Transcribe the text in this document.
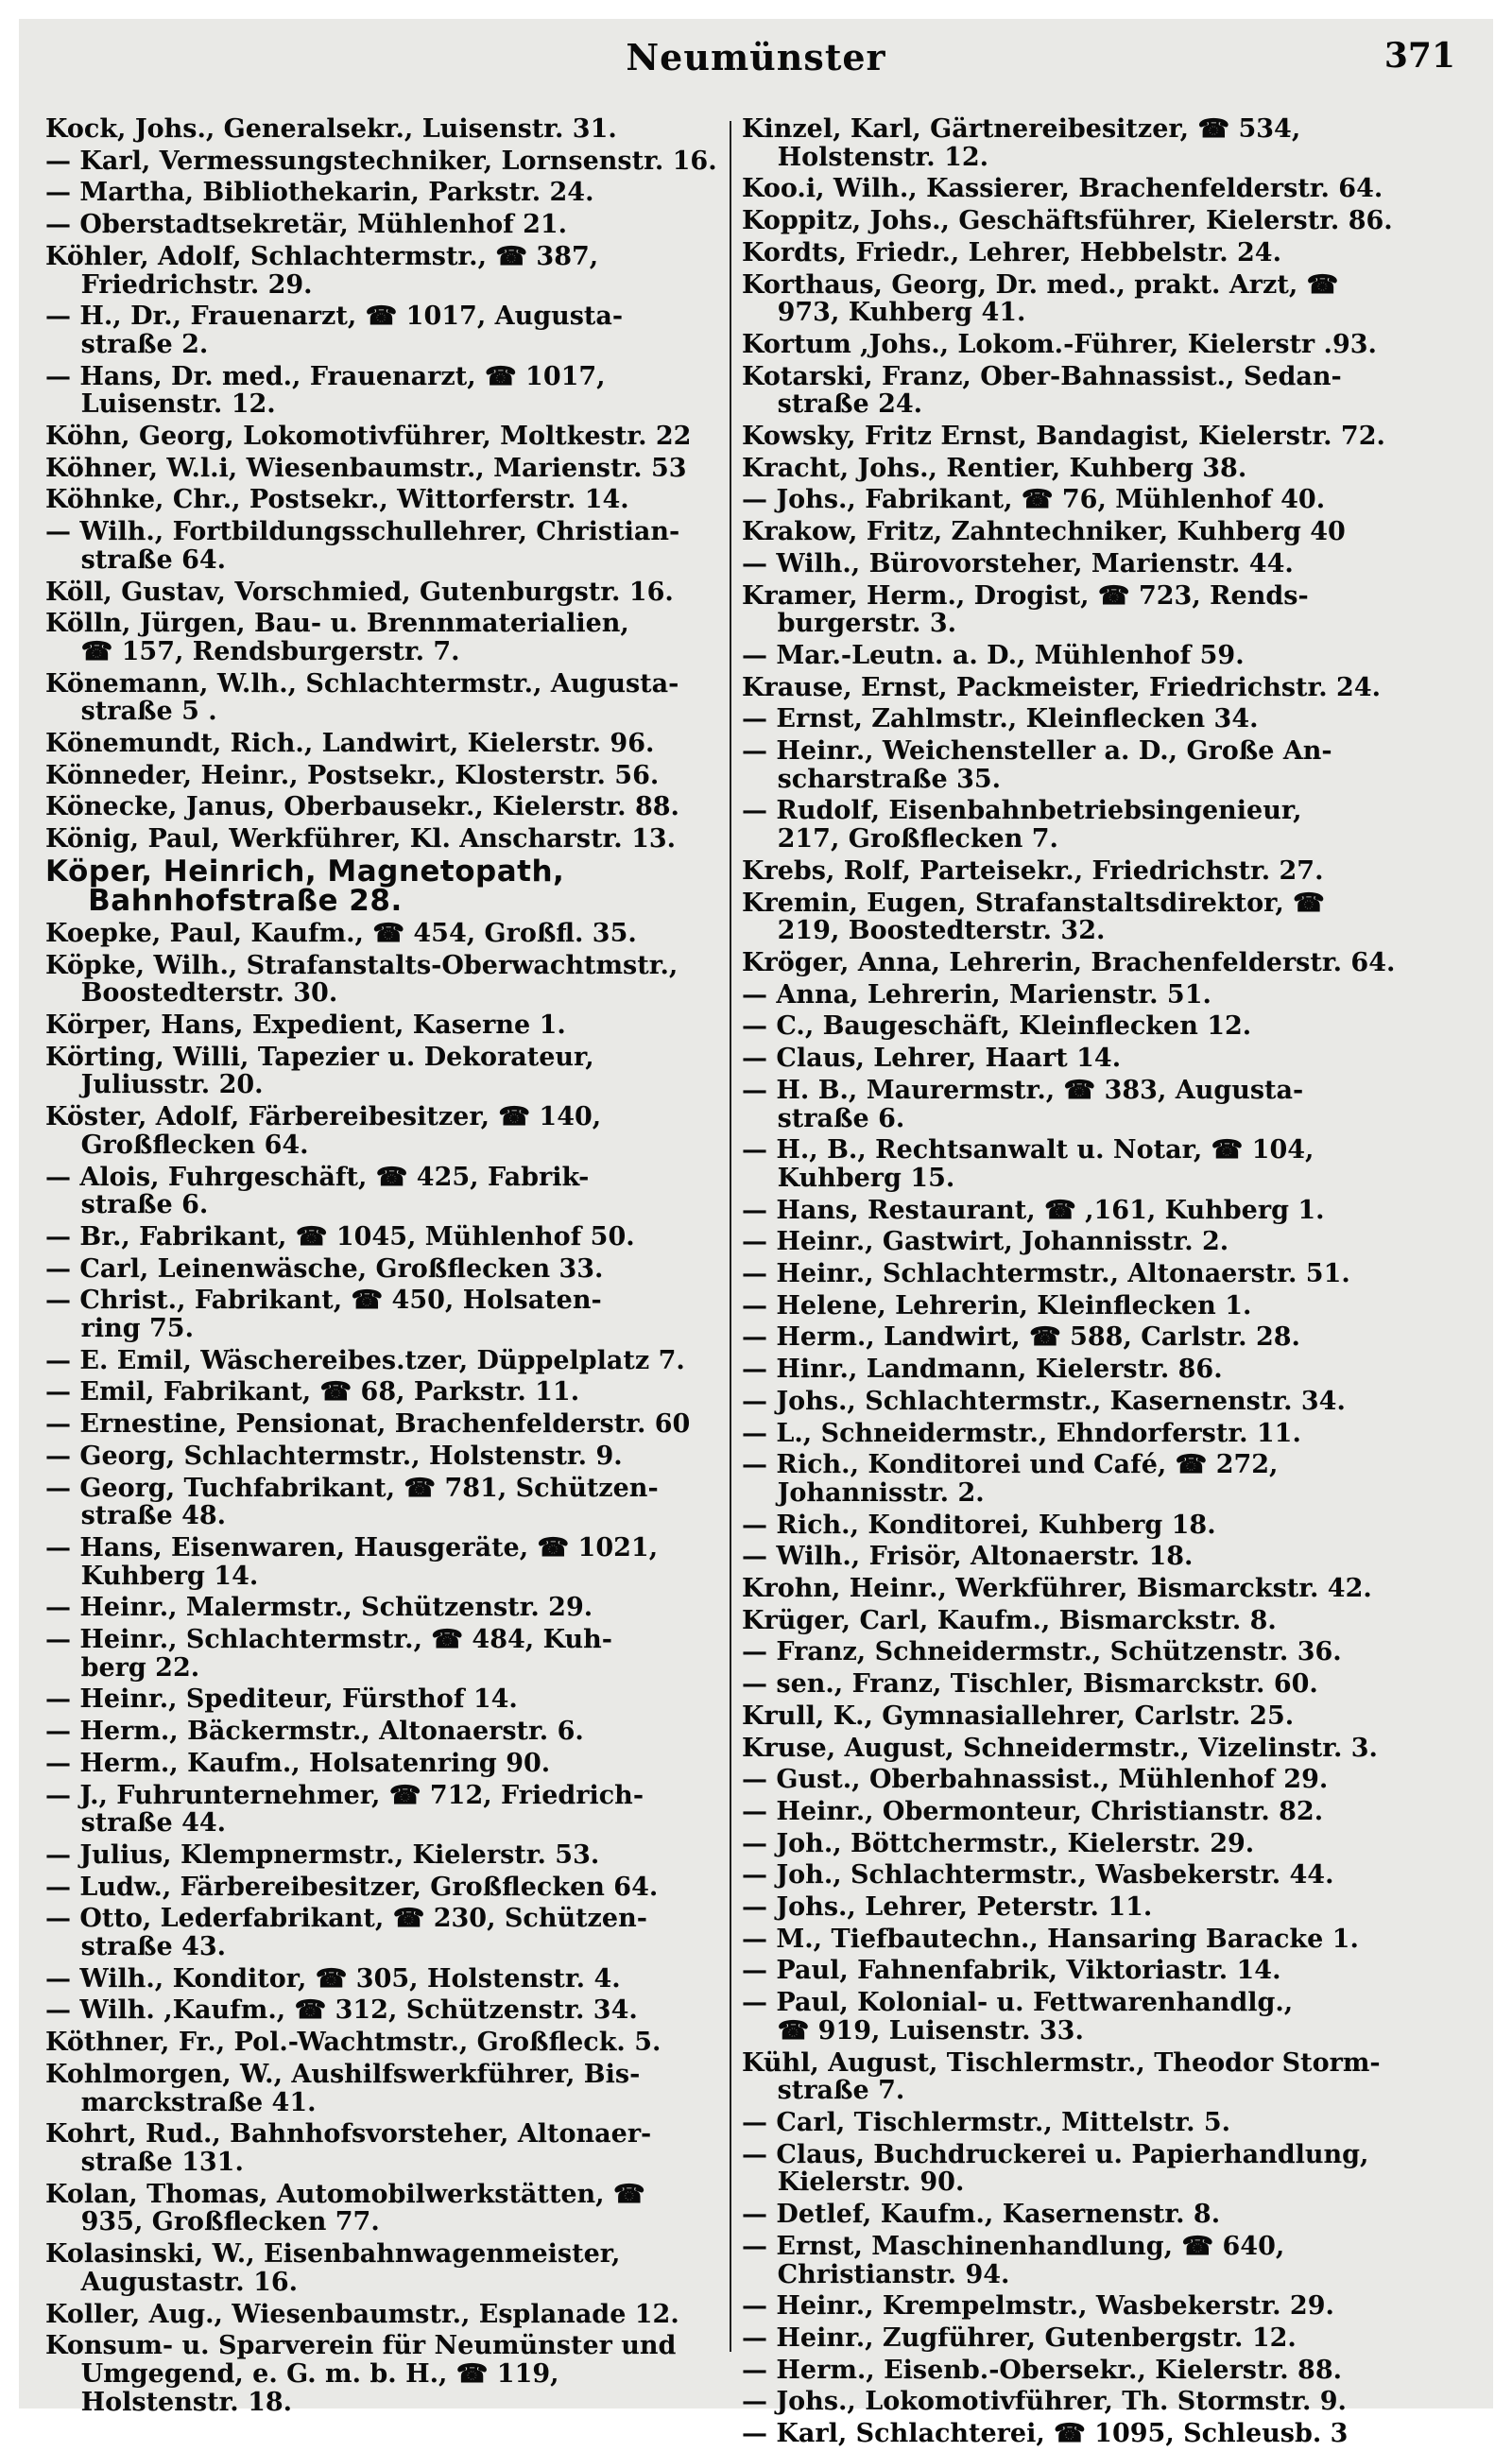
Neumünster	371

Kock, Johs., Generalsekr., Luisenstr. 31.

— Karl, Vermessungstechniker, Lornsenstr. 16.

— Martha, Bibliothekarin, Parkstr. 24.

— Oberstadtsekretär, Mühlenhof 21.

Köhler, Adolf, Schlachtermstr., ☎ 387,
Friedrichstr. 29.

— H., Dr., Frauenarzt, ☎ 1017, Augusta-
straße 2.

— Hans, Dr. med., Frauenarzt, ☎ 1017,
Luisenstr. 12.

Köhn, Georg, Lokomotivführer, Moltkestr. 22

Köhner, W.l.i, Wiesenbaumstr., Marienstr. 53

Köhnke, Chr., Postsekr., Wittorferstr. 14.

— Wilh., Fortbildungsschullehrer, Christian-
straße 64.

Köll, Gustav, Vorschmied, Gutenburgstr. 16.

Kölln, Jürgen, Bau- u. Brennmaterialien,
☎ 157, Rendsburgerstr. 7.

Könemann, W.lh., Schlachtermstr., Augusta-
straße 5 .

Könemundt, Rich., Landwirt, Kielerstr. 96.

Könneder, Heinr., Postsekr., Klosterstr. 56.

Könecke, Janus, Oberbausekr., Kielerstr. 88.

König, Paul, Werkführer, Kl. Anscharstr. 13.

Köper, Heinrich, Magnetopath,
Bahnhofstraße 28.

Koepke, Paul, Kaufm., ☎ 454, Großfl. 35.

Köpke, Wilh., Strafanstalts-Oberwachtmstr.,
Boostedterstr. 30.

Körper, Hans, Expedient, Kaserne 1.

Körting, Willi, Tapezier u. Dekorateur,
Juliusstr. 20.

Köster, Adolf, Färbereibesitzer, ☎ 140,
Großflecken 64.

— Alois, Fuhrgeschäft, ☎ 425, Fabrik-
straße 6.

— Br., Fabrikant, ☎ 1045, Mühlenhof 50.

— Carl, Leinenwäsche, Großflecken 33.

— Christ., Fabrikant, ☎ 450, Holsaten-
ring 75.

— E. Emil, Wäschereibes.tzer, Düppelplatz 7.

— Emil, Fabrikant, ☎ 68, Parkstr. 11.

— Ernestine, Pensionat, Brachenfelderstr. 60

— Georg, Schlachtermstr., Holstenstr. 9.

— Georg, Tuchfabrikant, ☎ 781, Schützen-
straße 48.

— Hans, Eisenwaren, Hausgeräte, ☎ 1021,
Kuhberg 14.

— Heinr., Malermstr., Schützenstr. 29.

— Heinr., Schlachtermstr., ☎ 484, Kuh-
berg 22.

— Heinr., Spediteur, Fürsthof 14.

— Herm., Bäckermstr., Altonaerstr. 6.

— Herm., Kaufm., Holsatenring 90.

— J., Fuhrunternehmer, ☎ 712, Friedrich-
straße 44.

— Julius, Klempnermstr., Kielerstr. 53.

— Ludw., Färbereibesitzer, Großflecken 64.

— Otto, Lederfabrikant, ☎ 230, Schützen-
straße 43.

— Wilh., Konditor, ☎ 305, Holstenstr. 4.

— Wilh. ,Kaufm., ☎ 312, Schützenstr. 34.

Köthner, Fr., Pol.-Wachtmstr., Großfleck. 5.

Kohlmorgen, W., Aushilfswerkführer, Bis-
marckstraße 41.

Kohrt, Rud., Bahnhofsvorsteher, Altonaer-
straße 131.

Kolan, Thomas, Automobilwerkstätten, ☎
935, Großflecken 77.

Kolasinski, W., Eisenbahnwagenmeister,
Augustastr. 16.

Koller, Aug., Wiesenbaumstr., Esplanade 12.

Konsum- u. Sparverein für Neumünster und
Umgegend, e. G. m. b. H., ☎ 119,
Holstenstr. 18.

Kinzel, Karl, Gärtnereibesitzer, ☎ 534,
Holstenstr. 12.

Koo.i, Wilh., Kassierer, Brachenfelderstr. 64.

Koppitz, Johs., Geschäftsführer, Kielerstr. 86.

Kordts, Friedr., Lehrer, Hebbelstr. 24.

Korthaus, Georg, Dr. med., prakt. Arzt, ☎
973, Kuhberg 41.

Kortum ,Johs., Lokom.-Führer, Kielerstr .93.

Kotarski, Franz, Ober-Bahnassist., Sedan-
straße 24.

Kowsky, Fritz Ernst, Bandagist, Kielerstr. 72.

Kracht, Johs., Rentier, Kuhberg 38.

— Johs., Fabrikant, ☎ 76, Mühlenhof 40.

Krakow, Fritz, Zahntechniker, Kuhberg 40

— Wilh., Bürovorsteher, Marienstr. 44.

Kramer, Herm., Drogist, ☎ 723, Rends-
burgerstr. 3.

— Mar.-Leutn. a. D., Mühlenhof 59.

Krause, Ernst, Packmeister, Friedrichstr. 24.

— Ernst, Zahlmstr., Kleinflecken 34.

— Heinr., Weichensteller a. D., Große An-
scharstraße 35.

— Rudolf, Eisenbahnbetriebsingenieur,
217, Großflecken 7.

Krebs, Rolf, Parteisekr., Friedrichstr. 27.

Kremin, Eugen, Strafanstaltsdirektor, ☎
219, Boostedterstr. 32.

Kröger, Anna, Lehrerin, Brachenfelderstr. 64.

— Anna, Lehrerin, Marienstr. 51.

— C., Baugeschäft, Kleinflecken 12.

— Claus, Lehrer, Haart 14.

— H. B., Maurermstr., ☎ 383, Augusta-
straße 6.

— H., B., Rechtsanwalt u. Notar, ☎ 104,
Kuhberg 15.

— Hans, Restaurant, ☎ ,161, Kuhberg 1.

— Heinr., Gastwirt, Johannisstr. 2.

— Heinr., Schlachtermstr., Altonaerstr. 51.

— Helene, Lehrerin, Kleinflecken 1.

— Herm., Landwirt, ☎ 588, Carlstr. 28.

— Hinr., Landmann, Kielerstr. 86.

— Johs., Schlachtermstr., Kasernenstr. 34.

— L., Schneidermstr., Ehndorferstr. 11.

— Rich., Konditorei und Café, ☎ 272,
Johannisstr. 2.

— Rich., Konditorei, Kuhberg 18.

— Wilh., Frisör, Altonaerstr. 18.

Krohn, Heinr., Werkführer, Bismarckstr. 42.

Krüger, Carl, Kaufm., Bismarckstr. 8.

— Franz, Schneidermstr., Schützenstr. 36.

— sen., Franz, Tischler, Bismarckstr. 60.

Krull, K., Gymnasiallehrer, Carlstr. 25.

Kruse, August, Schneidermstr., Vizelinstr. 3.

— Gust., Oberbahnassist., Mühlenhof 29.

— Heinr., Obermonteur, Christianstr. 82.

— Joh., Böttchermstr., Kielerstr. 29.

— Joh., Schlachtermstr., Wasbekerstr. 44.

— Johs., Lehrer, Peterstr. 11.

— M., Tiefbautechn., Hansaring Baracke 1.

— Paul, Fahnenfabrik, Viktoriastr. 14.

— Paul, Kolonial- u. Fettwarenhandlg.,
☎ 919, Luisenstr. 33.

Kühl, August, Tischlermstr., Theodor Storm-
straße 7.

— Carl, Tischlermstr., Mittelstr. 5.

— Claus, Buchdruckerei u. Papierhandlung,
Kielerstr. 90.

— Detlef, Kaufm., Kasernenstr. 8.

— Ernst, Maschinenhandlung, ☎ 640,
Christianstr. 94.

— Heinr., Krempelmstr., Wasbekerstr. 29.

— Heinr., Zugführer, Gutenbergstr. 12.

— Herm., Eisenb.-Obersekr., Kielerstr. 88.

— Johs., Lokomotivführer, Th. Stormstr. 9.

— Karl, Schlachterei, ☎ 1095, Schleusb. 3
